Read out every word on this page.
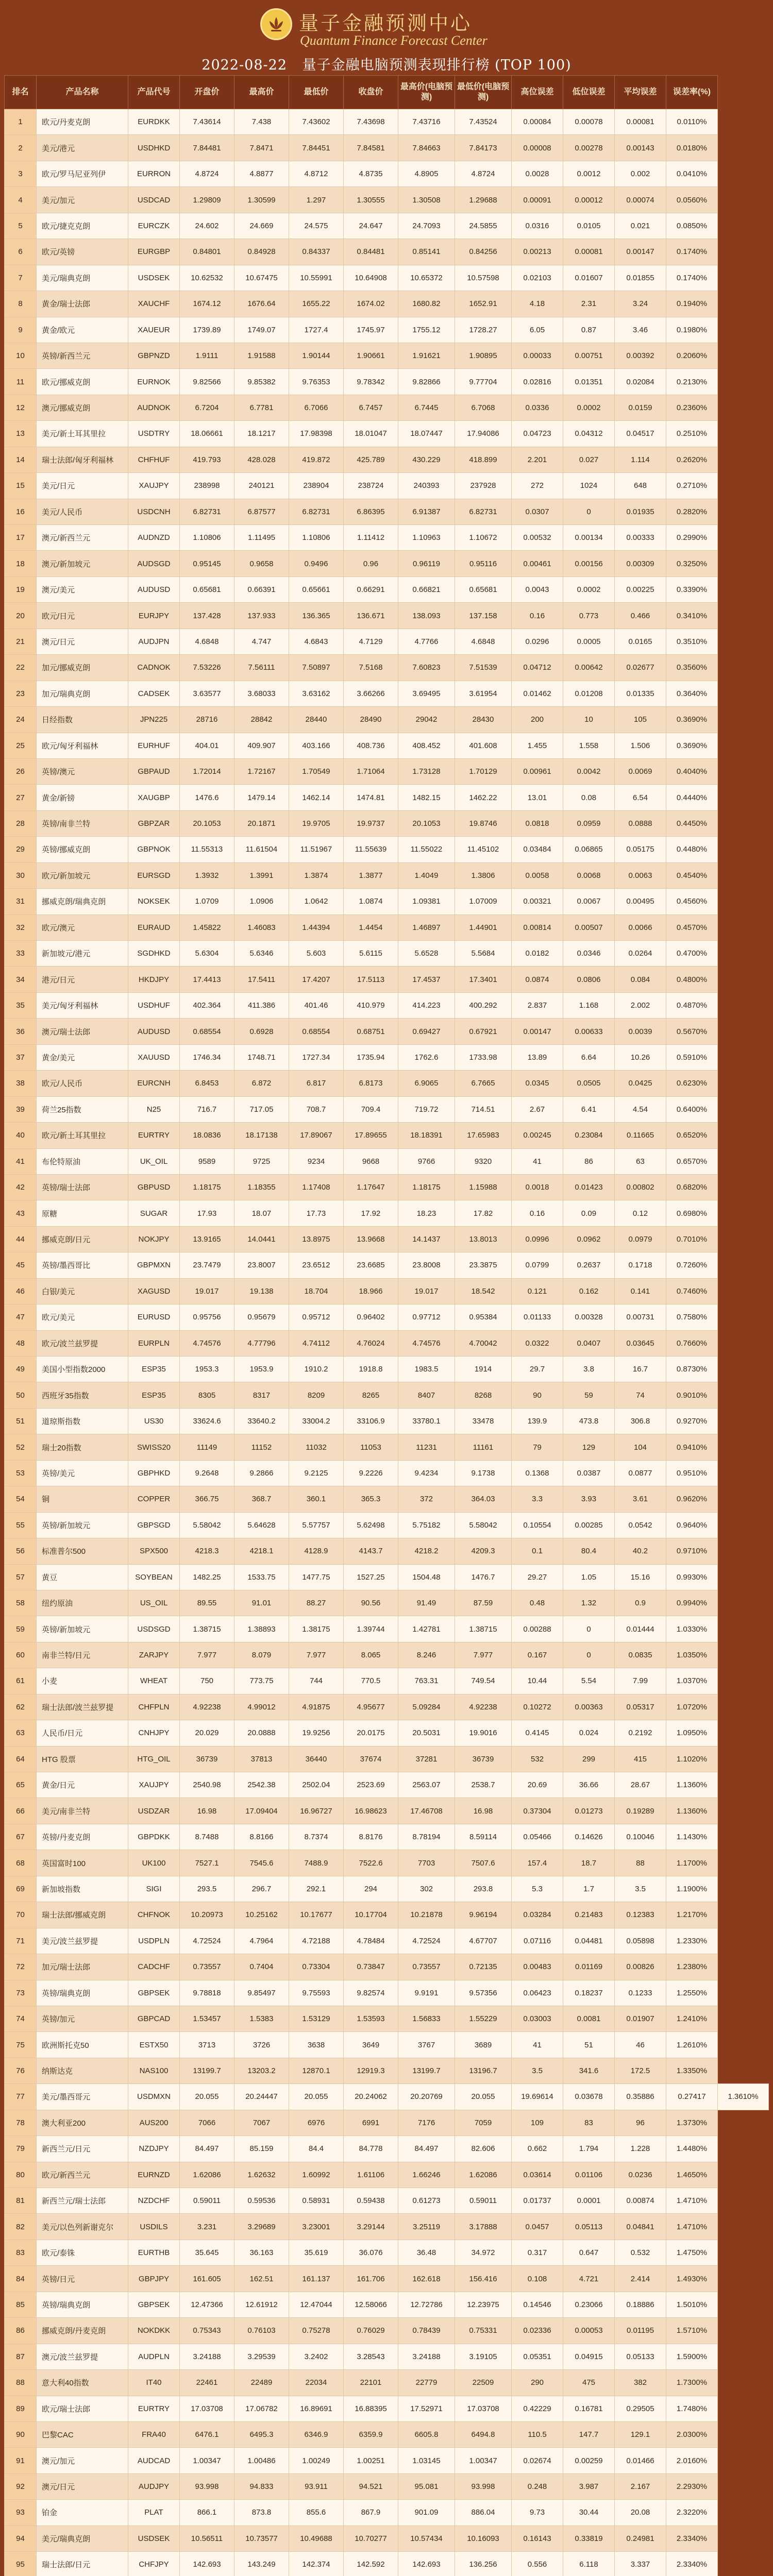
量子金融预测中心
Quantum Finance Forecast Center
2022-08-22 量子金融电脑预测表现排行榜 (TOP 100)
排名	产品名称	产品代号	开盘价	最高价	最低价	收盘价	最高价(电脑预测)	最低价(电脑预测)	高位误差	低位误差	平均误差	误差率(%)	
1	欧元/丹麦克朗	EURDKK	7.43614	7.438	7.43602	7.43698	7.43716	7.43524	0.00084	0.00078	0.00081	0.0110%	
2	美元/港元	USDHKD	7.84481	7.8471	7.84451	7.84581	7.84663	7.84173	0.00008	0.00278	0.00143	0.0180%	
3	欧元/罗马尼亚列伊	EURRON	4.8724	4.8877	4.8712	4.8735	4.8905	4.8724	0.0028	0.0012	0.002	0.0410%	
4	美元/加元	USDCAD	1.29809	1.30599	1.297	1.30555	1.30508	1.29688	0.00091	0.00012	0.00074	0.0560%	
5	欧元/捷克克朗	EURCZK	24.602	24.669	24.575	24.647	24.7093	24.5855	0.0316	0.0105	0.021	0.0850%	
6	欧元/英镑	EURGBP	0.84801	0.84928	0.84337	0.84481	0.85141	0.84256	0.00213	0.00081	0.00147	0.1740%	
7	美元/瑞典克朗	USDSEK	10.62532	10.67475	10.55991	10.64908	10.65372	10.57598	0.02103	0.01607	0.01855	0.1740%	
8	黄金/瑞士法郎	XAUCHF	1674.12	1676.64	1655.22	1674.02	1680.82	1652.91	4.18	2.31	3.24	0.1940%	
9	黄金/欧元	XAUEUR	1739.89	1749.07	1727.4	1745.97	1755.12	1728.27	6.05	0.87	3.46	0.1980%	
10	英镑/新西兰元	GBPNZD	1.9111	1.91588	1.90144	1.90661	1.91621	1.90895	0.00033	0.00751	0.00392	0.2060%	
11	欧元/挪威克朗	EURNOK	9.82566	9.85382	9.76353	9.78342	9.82866	9.77704	0.02816	0.01351	0.02084	0.2130%	
12	澳元/挪威克朗	AUDNOK	6.7204	6.7781	6.7066	6.7457	6.7445	6.7068	0.0336	0.0002	0.0159	0.2360%	
13	美元/新土耳其里拉	USDTRY	18.06661	18.1217	17.98398	18.01047	18.07447	17.94086	0.04723	0.04312	0.04517	0.2510%	
14	瑞士法郎/匈牙利福林	CHFHUF	419.793	428.028	419.872	425.789	430.229	418.899	2.201	0.027	1.114	0.2620%	
15	美元/日元	XAUJPY	238998	240121	238904	238724	240393	237928	272	1024	648	0.2710%	
16	美元/人民币	USDCNH	6.82731	6.87577	6.82731	6.86395	6.91387	6.82731	0.0307	0	0.01935	0.2820%	
17	澳元/新西兰元	AUDNZD	1.10806	1.11495	1.10806	1.11412	1.10963	1.10672	0.00532	0.00134	0.00333	0.2990%	
18	澳元/新加坡元	AUDSGD	0.95145	0.9658	0.9496	0.96	0.96119	0.95116	0.00461	0.00156	0.00309	0.3250%	
19	澳元/美元	AUDUSD	0.65681	0.66391	0.65661	0.66291	0.66821	0.65681	0.0043	0.0002	0.00225	0.3390%	
20	欧元/日元	EURJPY	137.428	137.933	136.365	136.671	138.093	137.158	0.16	0.773	0.466	0.3410%	
21	澳元/日元	AUDJPN	4.6848	4.747	4.6843	4.7129	4.7766	4.6848	0.0296	0.0005	0.0165	0.3510%	
22	加元/挪威克朗	CADNOK	7.53226	7.56111	7.50897	7.5168	7.60823	7.51539	0.04712	0.00642	0.02677	0.3560%	
23	加元/瑞典克朗	CADSEK	3.63577	3.68033	3.63162	3.66266	3.69495	3.61954	0.01462	0.01208	0.01335	0.3640%	
24	日经指数	JPN225	28716	28842	28440	28490	29042	28430	200	10	105	0.3690%	
25	欧元/匈牙利福林	EURHUF	404.01	409.907	403.166	408.736	408.452	401.608	1.455	1.558	1.506	0.3690%	
26	英镑/澳元	GBPAUD	1.72014	1.72167	1.70549	1.71064	1.73128	1.70129	0.00961	0.0042	0.0069	0.4040%	
27	黄金/新镑	XAUGBP	1476.6	1479.14	1462.14	1474.81	1482.15	1462.22	13.01	0.08	6.54	0.4440%	
28	英镑/南非兰特	GBPZAR	20.1053	20.1871	19.9705	19.9737	20.1053	19.8746	0.0818	0.0959	0.0888	0.4450%	
29	英镑/挪威克朗	GBPNOK	11.55313	11.61504	11.51967	11.55639	11.55022	11.45102	0.03484	0.06865	0.05175	0.4480%	
30	欧元/新加坡元	EURSGD	1.3932	1.3991	1.3874	1.3877	1.4049	1.3806	0.0058	0.0068	0.0063	0.4540%	
31	挪威克朗/瑞典克朗	NOKSEK	1.0709	1.0906	1.0642	1.0874	1.09381	1.07009	0.00321	0.0067	0.00495	0.4560%	
32	欧元/澳元	EURAUD	1.45822	1.46083	1.44394	1.4454	1.46897	1.44901	0.00814	0.00507	0.0066	0.4570%	
33	新加坡元/港元	SGDHKD	5.6304	5.6346	5.603	5.6115	5.6528	5.5684	0.0182	0.0346	0.0264	0.4700%	
34	港元/日元	HKDJPY	17.4413	17.5411	17.4207	17.5113	17.4537	17.3401	0.0874	0.0806	0.084	0.4800%	
35	美元/匈牙利福林	USDHUF	402.364	411.386	401.46	410.979	414.223	400.292	2.837	1.168	2.002	0.4870%	
36	澳元/瑞士法郎	AUDUSD	0.68554	0.6928	0.68554	0.68751	0.69427	0.67921	0.00147	0.00633	0.0039	0.5670%	
37	黄金/美元	XAUUSD	1746.34	1748.71	1727.34	1735.94	1762.6	1733.98	13.89	6.64	10.26	0.5910%	
38	欧元/人民币	EURCNH	6.8453	6.872	6.817	6.8173	6.9065	6.7665	0.0345	0.0505	0.0425	0.6230%	
39	荷兰25指数	N25	716.7	717.05	708.7	709.4	719.72	714.51	2.67	6.41	4.54	0.6400%	
40	欧元/新土耳其里拉	EURTRY	18.0836	18.17138	17.89067	17.89655	18.18391	17.65983	0.00245	0.23084	0.11665	0.6520%	
41	布伦特原油	UK_OIL	9589	9725	9234	9668	9766	9320	41	86	63	0.6570%	
42	英镑/瑞士法郎	GBPUSD	1.18175	1.18355	1.17408	1.17647	1.18175	1.15988	0.0018	0.01423	0.00802	0.6820%	
43	原糖	SUGAR	17.93	18.07	17.73	17.92	18.23	17.82	0.16	0.09	0.12	0.6980%	
44	挪威克朗/日元	NOKJPY	13.9165	14.0441	13.8975	13.9668	14.1437	13.8013	0.0996	0.0962	0.0979	0.7010%	
45	英镑/墨西哥比	GBPMXN	23.7479	23.8007	23.6512	23.6685	23.8008	23.3875	0.0799	0.2637	0.1718	0.7260%	
46	白银/美元	XAGUSD	19.017	19.138	18.704	18.966	19.017	18.542	0.121	0.162	0.141	0.7460%	
47	欧元/美元	EURUSD	0.95756	0.95679	0.95712	0.96402	0.97712	0.95384	0.01133	0.00328	0.00731	0.7580%	
48	欧元/波兰兹罗提	EURPLN	4.74576	4.77796	4.74112	4.76024	4.74576	4.70042	0.0322	0.0407	0.03645	0.7660%	
49	美国小型指数2000	ESP35	1953.3	1953.9	1910.2	1918.8	1983.5	1914	29.7	3.8	16.7	0.8730%	
50	西班牙35指数	ESP35	8305	8317	8209	8265	8407	8268	90	59	74	0.9010%	
51	道琼斯指数	US30	33624.6	33640.2	33004.2	33106.9	33780.1	33478	139.9	473.8	306.8	0.9270%	
52	瑞士20指数	SWISS20	11149	11152	11032	11053	11231	11161	79	129	104	0.9410%	
53	英镑/美元	GBPHKD	9.2648	9.2866	9.2125	9.2226	9.4234	9.1738	0.1368	0.0387	0.0877	0.9510%	
54	铜	COPPER	366.75	368.7	360.1	365.3	372	364.03	3.3	3.93	3.61	0.9620%	
55	英镑/新加坡元	GBPSGD	5.58042	5.64628	5.57757	5.62498	5.75182	5.58042	0.10554	0.00285	0.0542	0.9640%	
56	标准普尔500	SPX500	4218.3	4218.1	4128.9	4143.7	4218.2	4209.3	0.1	80.4	40.2	0.9710%	
57	黄豆	SOYBEAN	1482.25	1533.75	1477.75	1527.25	1504.48	1476.7	29.27	1.05	15.16	0.9930%	
58	纽约原油	US_OIL	89.55	91.01	88.27	90.56	91.49	87.59	0.48	1.32	0.9	0.9940%	
59	英镑/新加坡元	USDSGD	1.38715	1.38893	1.38175	1.39744	1.42781	1.38715	0.00288	0	0.01444	1.0330%	
60	南非兰特/日元	ZARJPY	7.977	8.079	7.977	8.065	8.246	7.977	0.167	0	0.0835	1.0350%	
61	小麦	WHEAT	750	773.75	744	770.5	763.31	749.54	10.44	5.54	7.99	1.0370%	
62	瑞士法郎/波兰兹罗提	CHFPLN	4.92238	4.99012	4.91875	4.95677	5.09284	4.92238	0.10272	0.00363	0.05317	1.0720%	
63	人民币/日元	CNHJPY	20.029	20.0888	19.9256	20.0175	20.5031	19.9016	0.4145	0.024	0.2192	1.0950%	
64	HTG 股票	HTG_OIL	36739	37813	36440	37674	37281	36739	532	299	415	1.1020%	
65	黄金/日元	XAUJPY	2540.98	2542.38	2502.04	2523.69	2563.07	2538.7	20.69	36.66	28.67	1.1360%	
66	美元/南非兰特	USDZAR	16.98	17.09404	16.96727	16.98623	17.46708	16.98	0.37304	0.01273	0.19289	1.1360%	
67	英镑/丹麦克朗	GBPDKK	8.7488	8.8166	8.7374	8.8176	8.78194	8.59114	0.05466	0.14626	0.10046	1.1430%	
68	英国富时100	UK100	7527.1	7545.6	7488.9	7522.6	7703	7507.6	157.4	18.7	88	1.1700%	
69	新加坡指数	SIGI	293.5	296.7	292.1	294	302	293.8	5.3	1.7	3.5	1.1900%	
70	瑞士法郎/挪威克朗	CHFNOK	10.20973	10.25162	10.17677	10.17704	10.21878	9.96194	0.03284	0.21483	0.12383	1.2170%	
71	美元/波兰兹罗提	USDPLN	4.72524	4.7964	4.72188	4.78484	4.72524	4.67707	0.07116	0.04481	0.05898	1.2330%	
72	加元/瑞士法郎	CADCHF	0.73557	0.7404	0.73304	0.73847	0.73557	0.72135	0.00483	0.01169	0.00826	1.2380%	
73	英镑/瑞典克朗	GBPSEK	9.78818	9.85497	9.75593	9.82574	9.9191	9.57356	0.06423	0.18237	0.1233	1.2550%	
74	英镑/加元	GBPCAD	1.53457	1.5383	1.53129	1.53593	1.56833	1.55229	0.03003	0.0081	0.01907	1.2410%	
75	欧洲斯托克50	ESTX50	3713	3726	3638	3649	3767	3689	41	51	46	1.2610%	
76	纳斯达克	NAS100	13199.7	13203.2	12870.1	12919.3	13199.7	13196.7	3.5	341.6	172.5	1.3350%	
77	美元/墨西哥元	USDMXN	20.055	20.24447	20.055	20.24062	20.20769	20.055	19.69614	0.03678	0.35886	0.27417	1.3610%
78	澳大利亚200	AUS200	7066	7067	6976	6991	7176	7059	109	83	96	1.3730%	
79	新西兰元/日元	NZDJPY	84.497	85.159	84.4	84.778	84.497	82.606	0.662	1.794	1.228	1.4480%	
80	欧元/新西兰元	EURNZD	1.62086	1.62632	1.60992	1.61106	1.66246	1.62086	0.03614	0.01106	0.0236	1.4650%	
81	新西兰元/瑞士法郎	NZDCHF	0.59011	0.59536	0.58931	0.59438	0.61273	0.59011	0.01737	0.0001	0.00874	1.4710%	
82	美元/以色列新谢克尔	USDILS	3.231	3.29689	3.23001	3.29144	3.25119	3.17888	0.0457	0.05113	0.04841	1.4710%	
83	欧元/泰铢	EURTHB	35.645	36.163	35.619	36.076	36.48	34.972	0.317	0.647	0.532	1.4750%	
84	英镑/日元	GBPJPY	161.605	162.51	161.137	161.706	162.618	156.416	0.108	4.721	2.414	1.4930%	
85	英镑/瑞典克朗	GBPSEK	12.47366	12.61912	12.47044	12.58066	12.72786	12.23975	0.14546	0.23066	0.18886	1.5010%	
86	挪威克朗/丹麦克朗	NOKDKK	0.75343	0.76103	0.75278	0.76029	0.78439	0.75331	0.02336	0.00053	0.01195	1.5710%	
87	澳元/波兰兹罗提	AUDPLN	3.24188	3.29539	3.2402	3.28543	3.24188	3.19105	0.05351	0.04915	0.05133	1.5900%	
88	意大利40指数	IT40	22461	22489	22034	22101	22779	22509	290	475	382	1.7300%	
89	欧元/瑞士法郎	EURTRY	17.03708	17.06782	16.89691	16.88395	17.52971	17.03708	0.42229	0.16781	0.29505	1.7480%	
90	巴黎CAC	FRA40	6476.1	6495.3	6346.9	6359.9	6605.8	6494.8	110.5	147.7	129.1	2.0300%	
91	澳元/加元	AUDCAD	1.00347	1.00486	1.00249	1.00251	1.03145	1.00347	0.02674	0.00259	0.01466	2.0160%	
92	澳元/日元	AUDJPY	93.998	94.833	93.911	94.521	95.081	93.998	0.248	3.987	2.167	2.2930%	
93	铂金	PLAT	866.1	873.8	855.6	867.9	901.09	886.04	9.73	30.44	20.08	2.3220%	
94	美元/瑞典克朗	USDSEK	10.56511	10.73577	10.49688	10.70277	10.57434	10.16093	0.16143	0.33819	0.24981	2.3340%	
95	瑞士法郎/日元	CHFJPY	142.693	143.249	142.374	142.592	142.693	136.256	0.556	6.118	3.337	2.3340%	
